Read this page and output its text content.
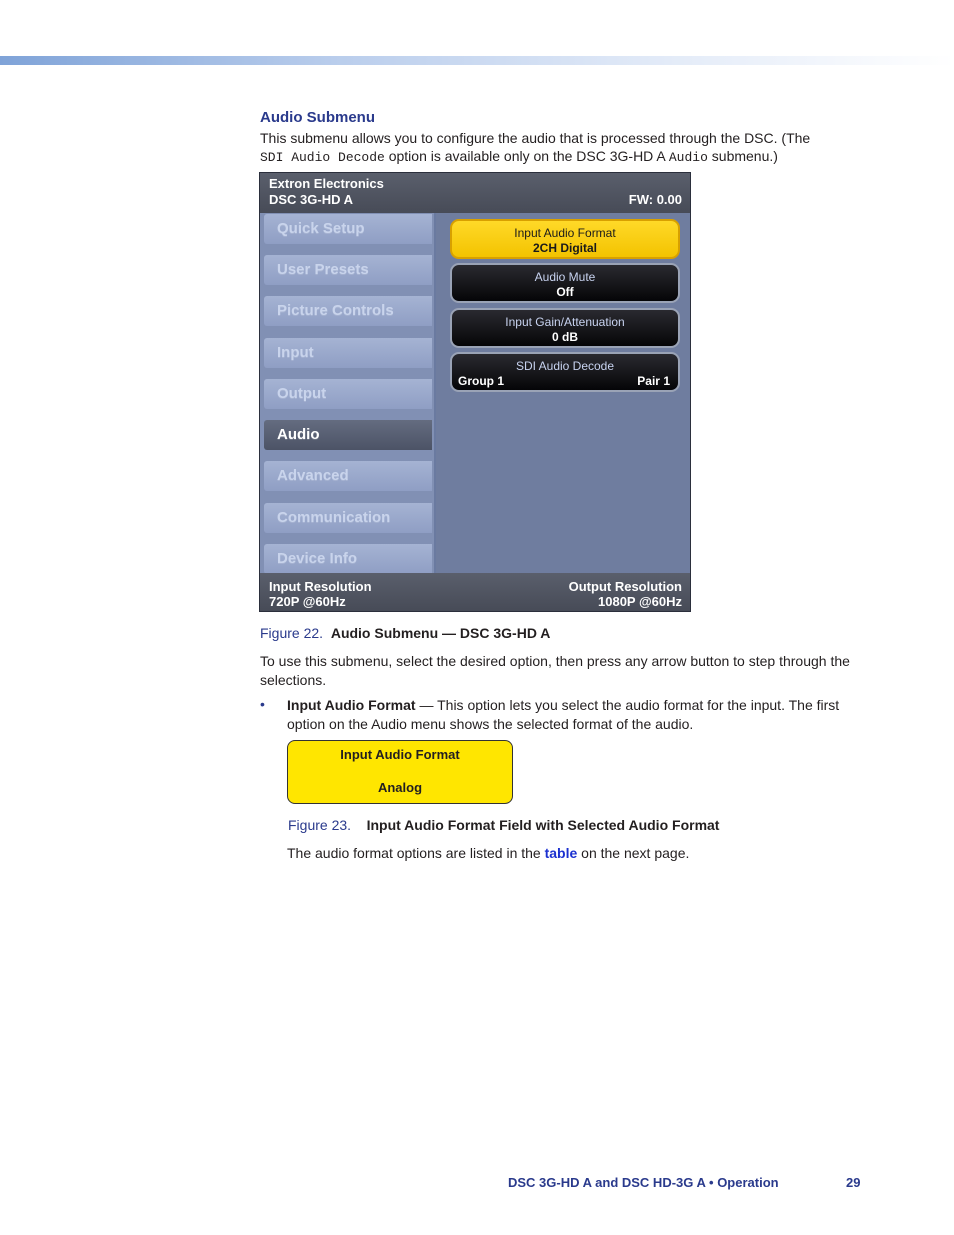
Audio Submenu
This submenu allows you to configure the audio that is processed through the DSC. (The
SDI Audio Decode option is available only on the DSC 3G-HD A Audio submenu.)
Extron Electronics
DSC 3G-HD A	FW: 0.00
Quick Setup
User Presets
Picture Controls
Input
Output
Audio
Advanced
Communication
Device Info
Input Audio Format
2CH Digital
Audio Mute
Off
Input Gain/Attenuation
0 dB
SDI Audio Decode
Group 1	Pair 1
Input Resolution
720P @60Hz
Output Resolution
1080P @60Hz
Figure 22. Audio Submenu — DSC 3G-HD A
To use this submenu, select the desired option, then press any arrow button to step through the selections.
• Input Audio Format — This option lets you select the audio format for the input. The first option on the Audio menu shows the selected format of the audio.
Input Audio Format
Analog
Figure 23. Input Audio Format Field with Selected Audio Format
The audio format options are listed in the table on the next page.
DSC 3G-HD A and DSC HD-3G A • Operation	29
